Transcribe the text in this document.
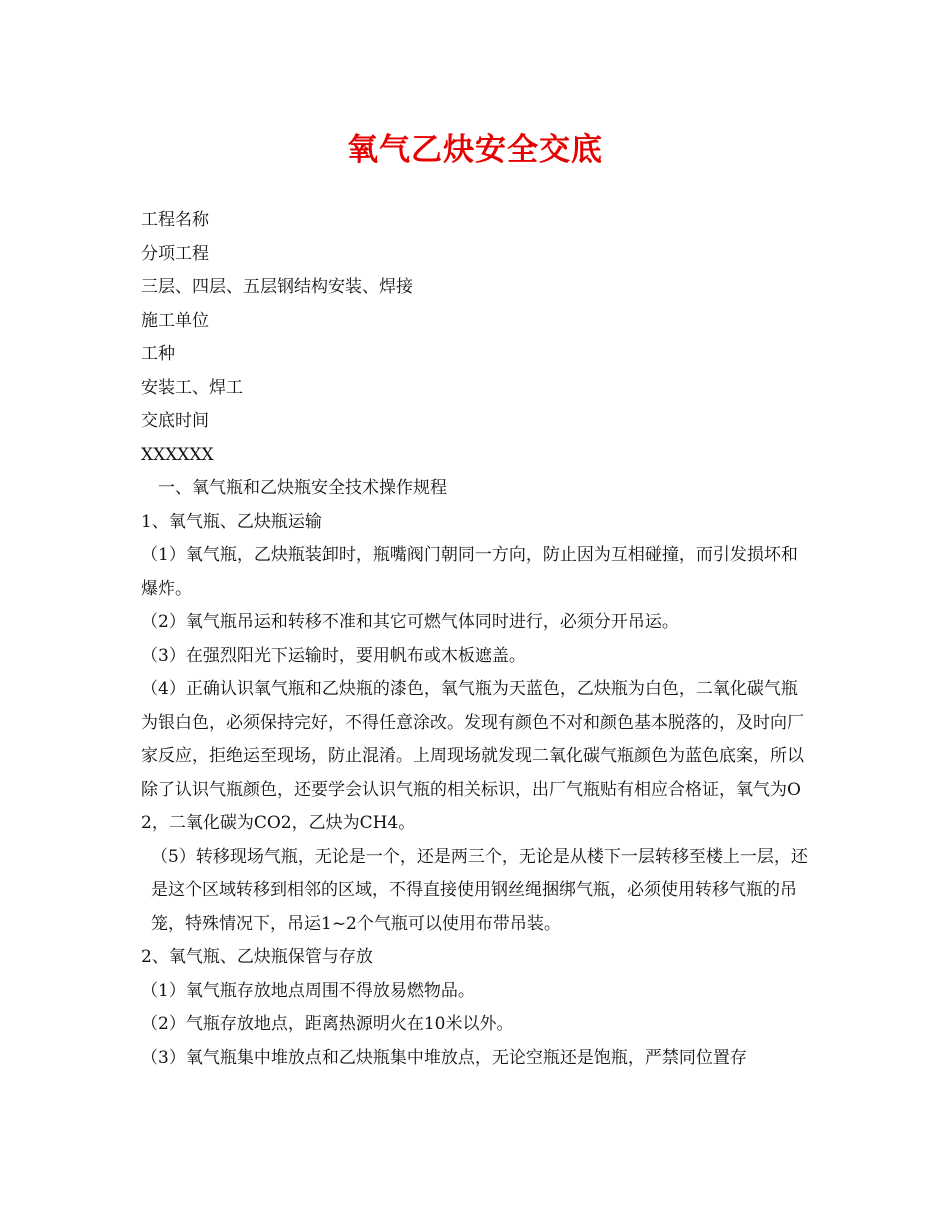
氧气乙炔安全交底

工程名称

分项工程

三层、四层、五层钢结构安装、焊接

施工单位

工种

安装工、焊工

交底时间

XXXXXX

一、氧气瓶和乙炔瓶安全技术操作规程

1、氧气瓶、乙炔瓶运输

（1）氧气瓶，乙炔瓶装卸时，瓶嘴阀门朝同一方向，防止因为互相碰撞，而引发损坏和爆炸。

（2）氧气瓶吊运和转移不准和其它可燃气体同时进行，必须分开吊运。

（3）在强烈阳光下运输时，要用帆布或木板遮盖。

（4）正确认识氧气瓶和乙炔瓶的漆色，氧气瓶为天蓝色，乙炔瓶为白色，二氧化碳气瓶为银白色，必须保持完好，不得任意涂改。发现有颜色不对和颜色基本脱落的，及时向厂家反应，拒绝运至现场，防止混淆。上周现场就发现二氧化碳气瓶颜色为蓝色底案，所以除了认识气瓶颜色，还要学会认识气瓶的相关标识，出厂气瓶贴有相应合格证，氧气为O2，二氧化碳为CO2，乙炔为CH4。

（5）转移现场气瓶，无论是一个，还是两三个，无论是从楼下一层转移至楼上一层，还是这个区域转移到相邻的区域，不得直接使用钢丝绳捆绑气瓶，必须使用转移气瓶的吊笼，特殊情况下，吊运1~2个气瓶可以使用布带吊装。

2、氧气瓶、乙炔瓶保管与存放

（1）氧气瓶存放地点周围不得放易燃物品。

（2）气瓶存放地点，距离热源明火在10米以外。

（3）氧气瓶集中堆放点和乙炔瓶集中堆放点，无论空瓶还是饱瓶，严禁同位置存
